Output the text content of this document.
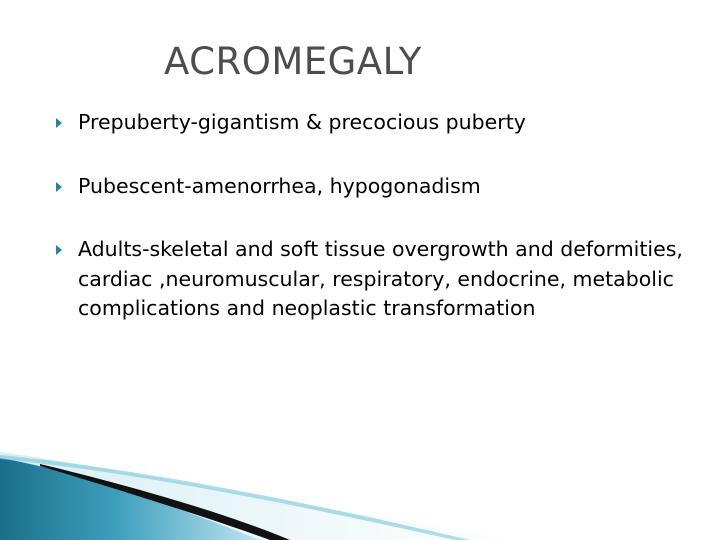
ACROMEGALY
Prepuberty-gigantism & precocious puberty
Pubescent-amenorrhea, hypogonadism
Adults-skeletal and soft tissue overgrowth and deformities, cardiac ,neuromuscular, respiratory, endocrine, metabolic complications and neoplastic transformation
